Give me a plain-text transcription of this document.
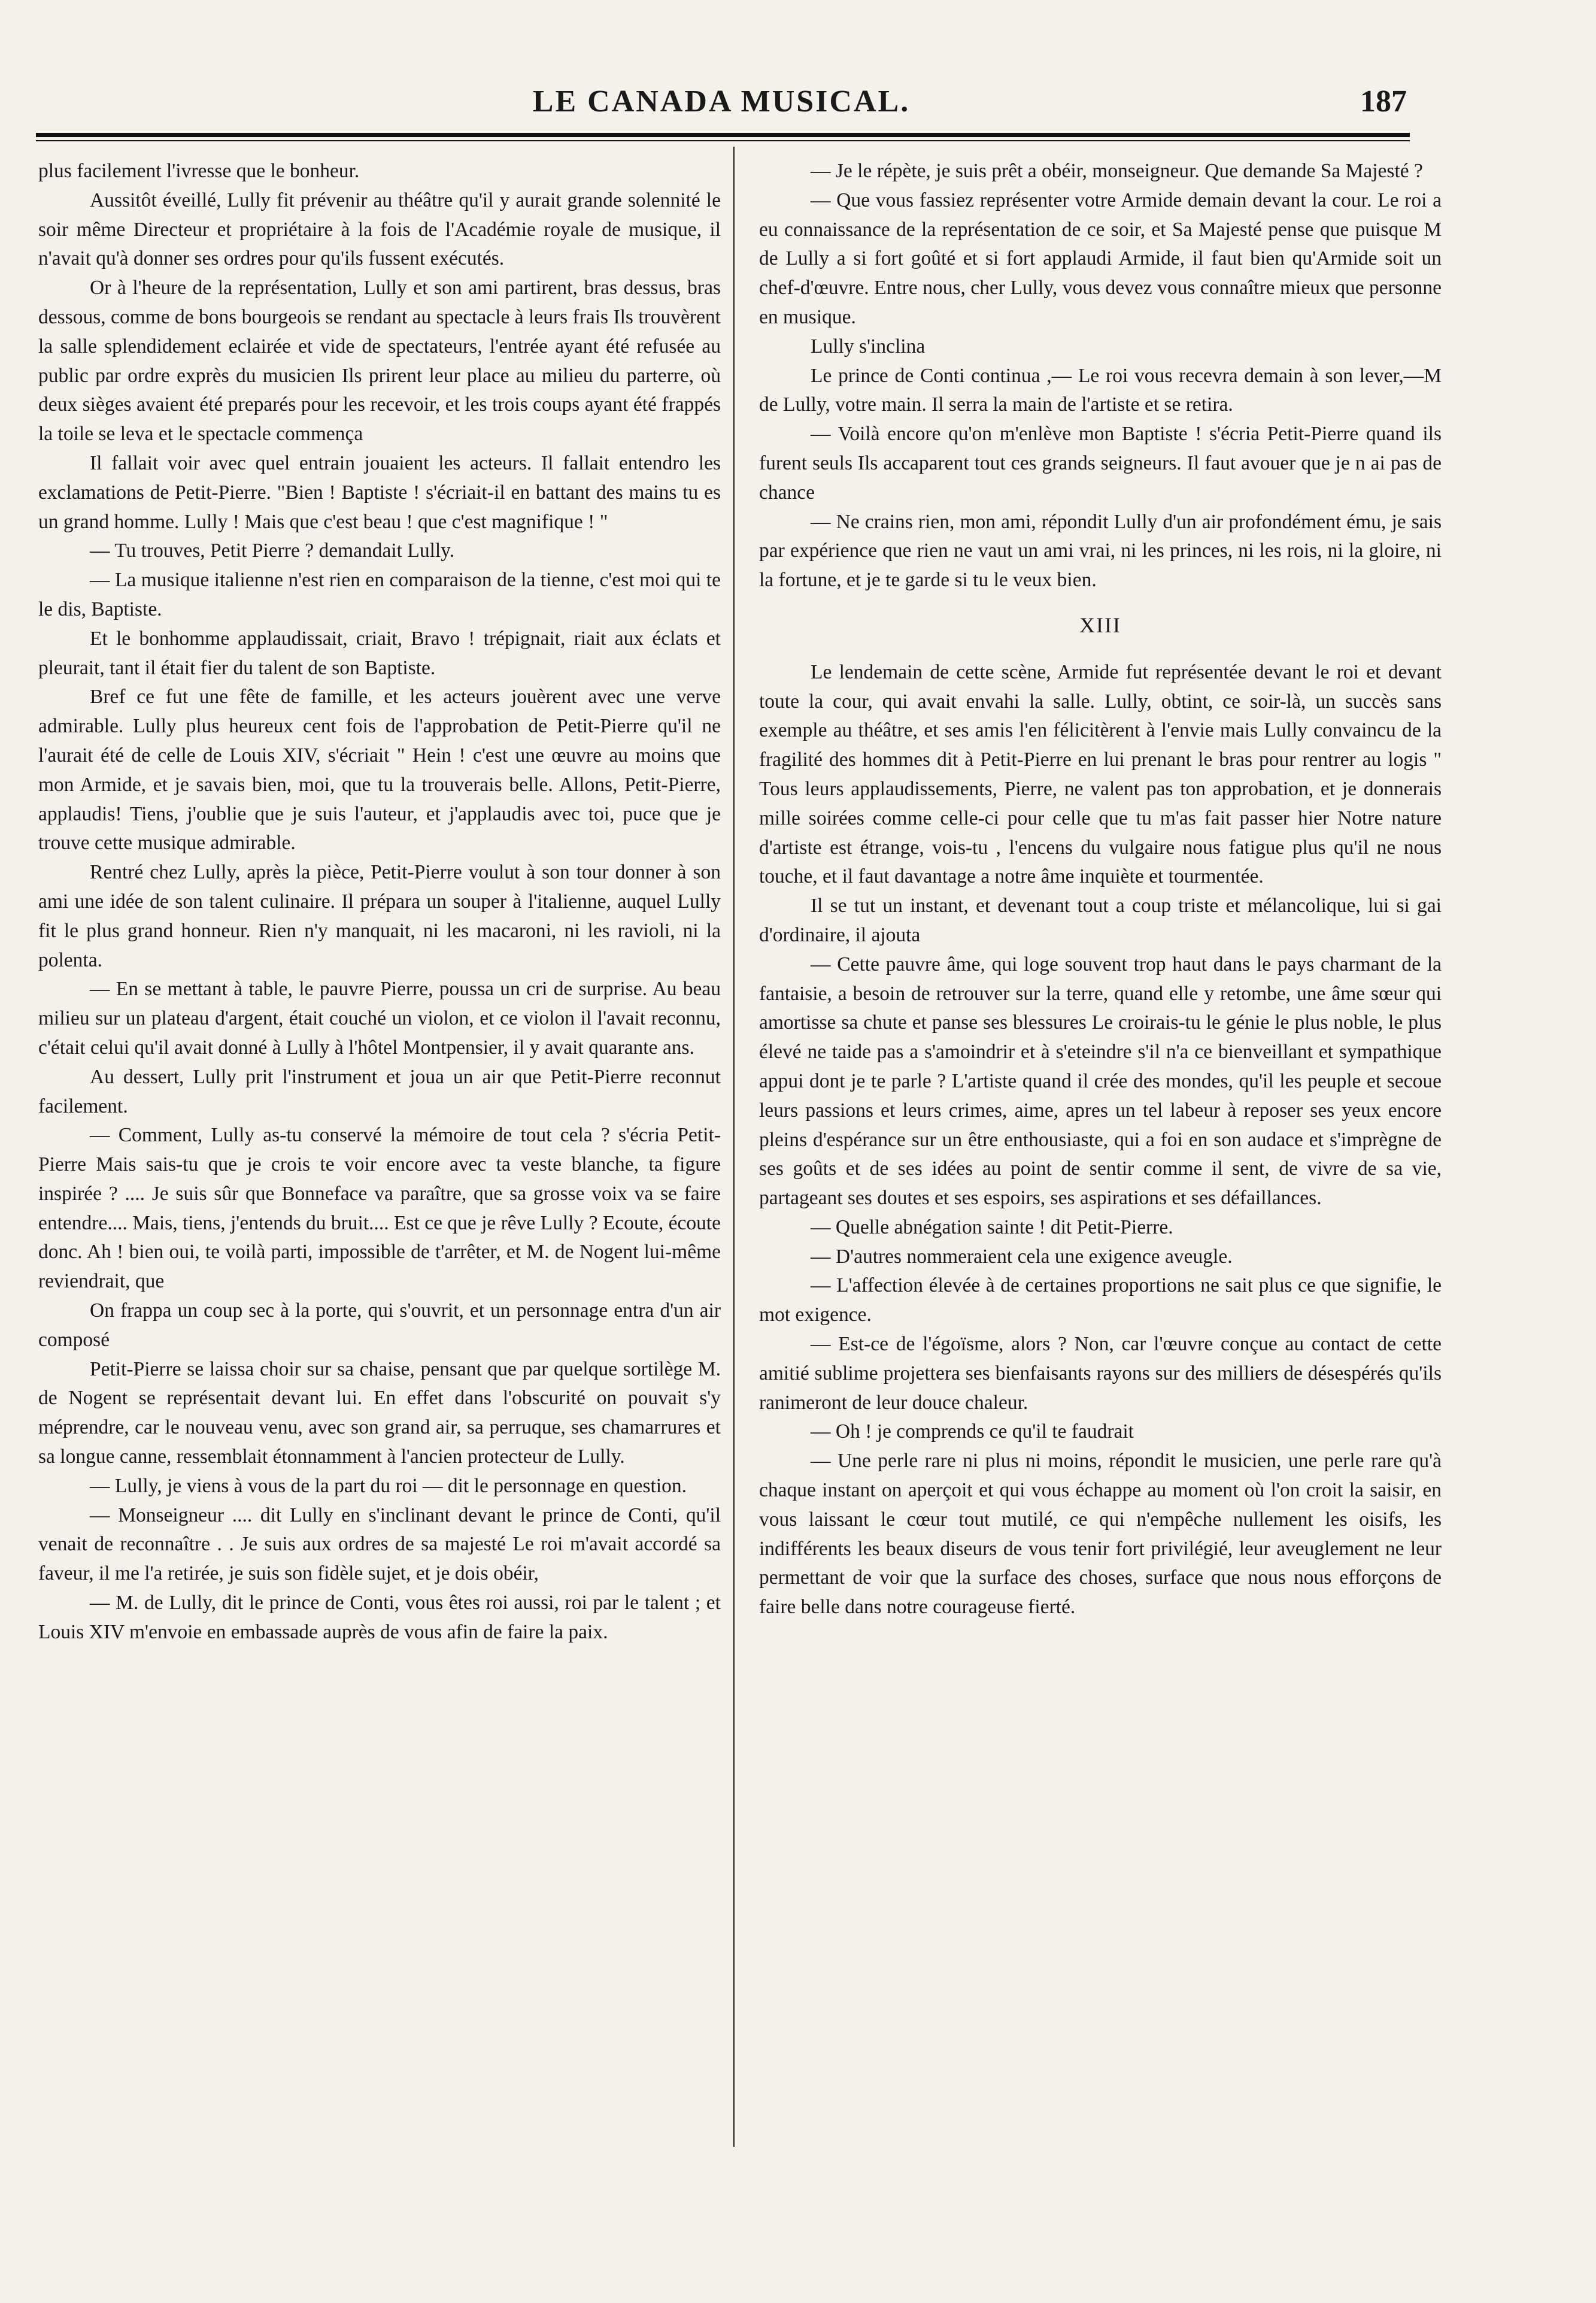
LE CANADA MUSICAL.	187

plus facilement l'ivresse que le bonheur.

Aussitôt éveillé, Lully fit prévenir au théâtre qu'il y aurait grande solennité le soir même Directeur et propriétaire à la fois de l'Académie royale de musique, il n'avait qu'à donner ses ordres pour qu'ils fussent exécutés.

Or à l'heure de la représentation, Lully et son ami partirent, bras dessus, bras dessous, comme de bons bourgeois se rendant au spectacle à leurs frais Ils trouvèrent la salle splendidement eclairée et vide de spectateurs, l'entrée ayant été refusée au public par ordre exprès du musicien Ils prirent leur place au milieu du parterre, où deux sièges avaient été preparés pour les recevoir, et les trois coups ayant été frappés la toile se leva et le spectacle commença

Il fallait voir avec quel entrain jouaient les acteurs. Il fallait entendro les exclamations de Petit-Pierre. "Bien ! Baptiste ! s'écriait-il en battant des mains tu es un grand homme. Lully ! Mais que c'est beau ! que c'est magnifique ! "

— Tu trouves, Petit Pierre ? demandait Lully.

— La musique italienne n'est rien en comparaison de la tienne, c'est moi qui te le dis, Baptiste.

Et le bonhomme applaudissait, criait, Bravo ! trépignait, riait aux éclats et pleurait, tant il était fier du talent de son Baptiste.

Bref ce fut une fête de famille, et les acteurs jouèrent avec une verve admirable. Lully plus heureux cent fois de l'approbation de Petit-Pierre qu'il ne l'aurait été de celle de Louis XIV, s'écriait " Hein ! c'est une œuvre au moins que mon Armide, et je savais bien, moi, que tu la trouverais belle. Allons, Petit-Pierre, applaudis! Tiens, j'oublie que je suis l'auteur, et j'applaudis avec toi, puce que je trouve cette musique admirable.

Rentré chez Lully, après la pièce, Petit-Pierre voulut à son tour donner à son ami une idée de son talent culinaire. Il prépara un souper à l'italienne, auquel Lully fit le plus grand honneur. Rien n'y manquait, ni les macaroni, ni les ravioli, ni la polenta.

— En se mettant à table, le pauvre Pierre, poussa un cri de surprise. Au beau milieu sur un plateau d'argent, était couché un violon, et ce violon il l'avait reconnu, c'était celui qu'il avait donné à Lully à l'hôtel Montpensier, il y avait quarante ans.

Au dessert, Lully prit l'instrument et joua un air que Petit-Pierre reconnut facilement.

— Comment, Lully as-tu conservé la mémoire de tout cela ? s'écria Petit-Pierre Mais sais-tu que je crois te voir encore avec ta veste blanche, ta figure inspirée ? .... Je suis sûr que Bonneface va paraître, que sa grosse voix va se faire entendre.... Mais, tiens, j'entends du bruit.... Est ce que je rêve Lully ? Ecoute, écoute donc. Ah ! bien oui, te voilà parti, impossible de t'arrêter, et M. de Nogent lui-même reviendrait, que

On frappa un coup sec à la porte, qui s'ouvrit, et un personnage entra d'un air composé

Petit-Pierre se laissa choir sur sa chaise, pensant que par quelque sortilège M. de Nogent se représentait devant lui. En effet dans l'obscurité on pouvait s'y méprendre, car le nouveau venu, avec son grand air, sa perruque, ses chamarrures et sa longue canne, ressemblait étonnamment à l'ancien protecteur de Lully.

— Lully, je viens à vous de la part du roi — dit le personnage en question.

— Monseigneur .... dit Lully en s'inclinant devant le prince de Conti, qu'il venait de reconnaître . . Je suis aux ordres de sa majesté Le roi m'avait accordé sa faveur, il me l'a retirée, je suis son fidèle sujet, et je dois obéir,

— M. de Lully, dit le prince de Conti, vous êtes roi aussi, roi par le talent ; et Louis XIV m'envoie en embassade auprès de vous afin de faire la paix.

— Je le répète, je suis prêt a obéir, monseigneur. Que demande Sa Majesté ?

— Que vous fassiez représenter votre Armide demain devant la cour. Le roi a eu connaissance de la représentation de ce soir, et Sa Majesté pense que puisque M de Lully a si fort goûté et si fort applaudi Armide, il faut bien qu'Armide soit un chef-d'œuvre. Entre nous, cher Lully, vous devez vous connaître mieux que personne en musique.

Lully s'inclina

Le prince de Conti continua ,— Le roi vous recevra demain à son lever,—M de Lully, votre main. Il serra la main de l'artiste et se retira.

— Voilà encore qu'on m'enlève mon Baptiste ! s'écria Petit-Pierre quand ils furent seuls Ils accaparent tout ces grands seigneurs. Il faut avouer que je n ai pas de chance

— Ne crains rien, mon ami, répondit Lully d'un air profondément ému, je sais par expérience que rien ne vaut un ami vrai, ni les princes, ni les rois, ni la gloire, ni la fortune, et je te garde si tu le veux bien.

XIII

Le lendemain de cette scène, Armide fut représentée devant le roi et devant toute la cour, qui avait envahi la salle. Lully, obtint, ce soir-là, un succès sans exemple au théâtre, et ses amis l'en félicitèrent à l'envie mais Lully convaincu de la fragilité des hommes dit à Petit-Pierre en lui prenant le bras pour rentrer au logis " Tous leurs applaudissements, Pierre, ne valent pas ton approbation, et je donnerais mille soirées comme celle-ci pour celle que tu m'as fait passer hier Notre nature d'artiste est étrange, vois-tu , l'encens du vulgaire nous fatigue plus qu'il ne nous touche, et il faut davantage a notre âme inquiète et tourmentée.

Il se tut un instant, et devenant tout a coup triste et mélancolique, lui si gai d'ordinaire, il ajouta

— Cette pauvre âme, qui loge souvent trop haut dans le pays charmant de la fantaisie, a besoin de retrouver sur la terre, quand elle y retombe, une âme sœur qui amortisse sa chute et panse ses blessures Le croirais-tu le génie le plus noble, le plus élevé ne taide pas a s'amoindrir et à s'eteindre s'il n'a ce bienveillant et sympathique appui dont je te parle ? L'artiste quand il crée des mondes, qu'il les peuple et secoue leurs passions et leurs crimes, aime, apres un tel labeur à reposer ses yeux encore pleins d'espérance sur un être enthousiaste, qui a foi en son audace et s'imprègne de ses goûts et de ses idées au point de sentir comme il sent, de vivre de sa vie, partageant ses doutes et ses espoirs, ses aspirations et ses défaillances.

— Quelle abnégation sainte ! dit Petit-Pierre.

— D'autres nommeraient cela une exigence aveugle.

— L'affection élevée à de certaines proportions ne sait plus ce que signifie, le mot exigence.

— Est-ce de l'égoïsme, alors ? Non, car l'œuvre conçue au contact de cette amitié sublime projettera ses bienfaisants rayons sur des milliers de désespérés qu'ils ranimeront de leur douce chaleur.

— Oh ! je comprends ce qu'il te faudrait

— Une perle rare ni plus ni moins, répondit le musicien, une perle rare qu'à chaque instant on aperçoit et qui vous échappe au moment où l'on croit la saisir, en vous laissant le cœur tout mutilé, ce qui n'empêche nullement les oisifs, les indifférents les beaux diseurs de vous tenir fort privilégié, leur aveuglement ne leur permettant de voir que la surface des choses, surface que nous nous efforçons de faire belle dans notre courageuse fierté.
